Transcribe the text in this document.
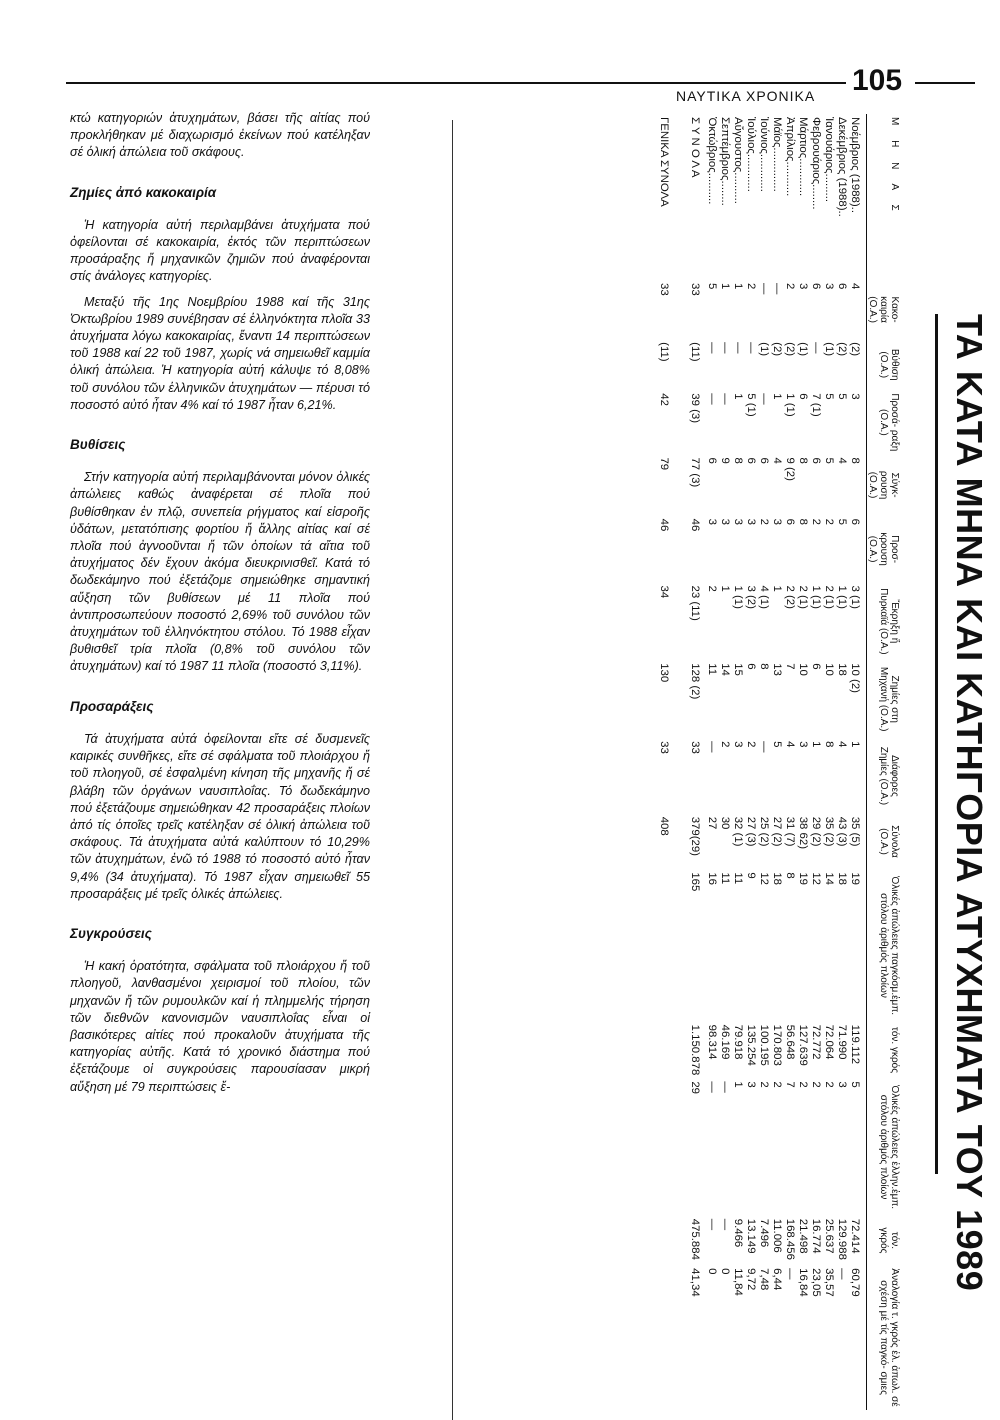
ΝΑΥΤΙΚΑ ΧΡΟΝΙΚΑ 105

κτώ κατηγοριών ἀτυχημάτων, βάσει τῆς αἰτίας πού προκλήθηκαν μέ διαχωρισμό ἐκείνων πού κατέληξαν σέ ὁλική ἀπώλεια τοῦ σκάφους.

Ζημίες ἀπό κακοκαιρία

Ἡ κατηγορία αὐτή περιλαμβάνει ἀτυχήματα πού ὀφείλονται σέ κακοκαιρία, ἐκτός τῶν περιπτώσεων προσάραξης ἤ μηχανικῶν ζημιῶν πού ἀναφέρονται στίς ἀνάλογες κατηγορίες.

Μεταξύ τῆς 1ης Νοεμβρίου 1988 καί τῆς 31ης Ὀκτωβρίου 1989 συνέβησαν σέ ἑλληνόκτητα πλοῖα 33 ἀτυχήματα λόγω κακοκαιρίας, ἔναντι 14 περιπτώσεων τοῦ 1988 καί 22 τοῦ 1987, χωρίς νά σημειωθεῖ καμμία ὁλική ἀπώλεια. Ἡ κατηγορία αὐτή κάλυψε τό 8,08% τοῦ συνόλου τῶν ἑλληνικῶν ἀτυχημάτων — πέρυσι τό ποσοστό αὐτό ἦταν 4% καί τό 1987 ἦταν 6,21%.

Βυθίσεις

Στήν κατηγορία αὐτή περιλαμβάνονται μόνον ὁλικές ἀπώλειες καθώς ἀναφέρεται σέ πλοῖα πού βυθίσθηκαν ἐν πλῷ, συνεπεία ρήγματος καί εἰσροῆς ὑδάτων, μετατόπισης φορτίου ἤ ἄλλης αἰτίας καί σέ πλοῖα πού ἀγνοοῦνται ἤ τῶν ὁποίων τά αἴτια τοῦ ἀτυχήματος δέν ἔχουν ἀκόμα διευκρινισθεῖ. Κατά τό δωδεκάμηνο πού ἐξετάζομε σημειώθηκε σημαντική αὔξηση τῶν βυθίσεων μέ 11 πλοῖα πού ἀντιπροσωπεύουν ποσοστό 2,69% τοῦ συνόλου τῶν ἀτυχημάτων τοῦ ἑλληνόκτητου στόλου. Τό 1988 εἶχαν βυθισθεῖ τρία πλοῖα (0,8% τοῦ συνόλου τῶν ἀτυχημάτων) καί τό 1987 11 πλοῖα (ποσοστό 3,11%).

Προσαράξεις

Τά ἀτυχήματα αὐτά ὀφείλονται εἴτε σέ δυσμενεῖς καιρικές συνθῆκες, εἴτε σέ σφάλματα τοῦ πλοιάρχου ἤ τοῦ πλοηγοῦ, σέ ἐσφαλμένη κίνηση τῆς μηχανῆς ἤ σέ βλάβη τῶν ὀργάνων ναυσιπλοΐας. Τό δωδεκάμηνο πού ἐξετάζουμε σημειώθηκαν 42 προσαράξεις πλοίων ἀπό τίς ὁποῖες τρεῖς κατέληξαν σέ ὁλική ἀπώλεια τοῦ σκάφους. Τά ἀτυχήματα αὐτά καλύπτουν τό 10,29% τῶν ἀτυχημάτων, ἐνῶ τό 1988 τό ποσοστό αὐτό ἦταν 9,4% (34 ἀτυχήματα). Τό 1987 εἶχαν σημειωθεῖ 55 προσαράξεις μέ τρεῖς ὁλικές ἀπώλειες.

Συγκρούσεις

Ἡ κακή ὁρατότητα, σφάλματα τοῦ πλοιάρχου ἤ τοῦ πλοηγοῦ, λανθασμένοι χειρισμοί τοῦ πλοίου, τῶν μηχανῶν ἤ τῶν ρυμουλκῶν καί ἡ πλημμελής τήρηση τῶν διεθνῶν κανονισμῶν ναυσιπλοΐας εἶναι οἱ βασικότερες αἰτίες πού προκαλοῦν ἀτυχήματα τῆς κατηγορίας αὐτῆς. Κατά τό χρονικό διάστημα πού ἐξετάζουμε οἱ συγκρούσεις παρουσίασαν μικρή αὔξηση μέ 79 περιπτώσεις ἔ-	ΤΑ ΚΑΤΑ ΜΗΝΑ ΚΑΙ ΚΑΤΗΓΟΡΙΑ ΑΤΥΧΗΜΑΤΑ ΤΟΥ 1989
Μ Η Ν Α Σ	Κακο- καιρία (Ο.Α.)	Βύθιση (Ο.Α.)	Προσά- ραξη (Ο.Α.)	Σύγκ- ρουση (Ο.Α.)	Προσ- κρουση (Ο.Α.)	Ἔκρηξη ἤ Πυρκαϊά (Ο.Α.)	Ζημίες στη Μηχανή (Ο.Α.)	Διάφορες Ζημίες (Ο.Α.)	Σύνολα (Ο.Α.)	Ὁλικές ἀπώλειες παγκόσμ.ἐμπ. στόλου ἀριθμός πλοίων	τόν. γκρός	Ὁλικές ἀπώλειες ἑλλην.ἐμπ. στόλου ἀριθμός πλοίων	τόν. γκρός	Ἀναλογία τ. γκρός ἑλ. ἀπωλ. σέ σχέση μέ τίς παγκό- σμιες

Νοέμβριος (1988)..	4	(2)	3	8	6	3 (1)	10 (2)	1	35 (5)	19	119.112	5	72.414	60,79
Δεκέμβριος (1988)..	6	(2)	5	4	5	1 (1)	18	4	43 (3)	18	71.990	3	129.988	—
Ἰανουάριος.........	3	(1)	5	5	2	2 (1)	10	8	35 (2)	14	72.064	2	25.637	35,57
Φεβρουάριος........	6	—	7 (1)	6	2	1 (1)	6	1	29 (2)	12	72.772	2	16.774	23,05
Μάρτιος............	3	(1)	6	8	8	2 (1)	10	3	38 62)	19	127.639	2	21.498	16,84
Ἀπρίλιος...........	2	(2)	1 (1)	9 (2)	6	2 (2)	7	4	31 (7)	8	56.648	7	168.456	—
Μάϊος..............	—	(2)	1	4	3	1	13	5	27 (2)	18	170.803	2	11.006	6,44
Ἰούνιος............	—	(1)	—	6	2	4 (1)	8	—	25 (2)	12	100.195	2	7.496	7,48
Ἰούλιος............	2	—	5 (1)	6	3	3 (2)	6	2	27 (3)	9	135.254	3	13.149	9,72
Αὔγουστος..........	1	—	1	8	3	1 (1)	15	3	32 (1)	11	79.918	1	9.466	11,84
Σεπτέμβριος........	1	—	—	9	3	1	14	2	30	11	46.169	—	—	0
Ὀκτώβριος..........	5	—	—	6	3	2	11	—	27	16	98.314	—	—	0
Σ Υ Ν Ο Λ Α	33	(11)	39 (3)	77 (3)	46	23 (11)	128 (2)	33	379(29)	165	1.150.878	29	475.884	41,34
ΓΕΝΙΚΑ ΣΥΝΟΛΑ	33	(11)	42	79	46	34	130	33	408					
